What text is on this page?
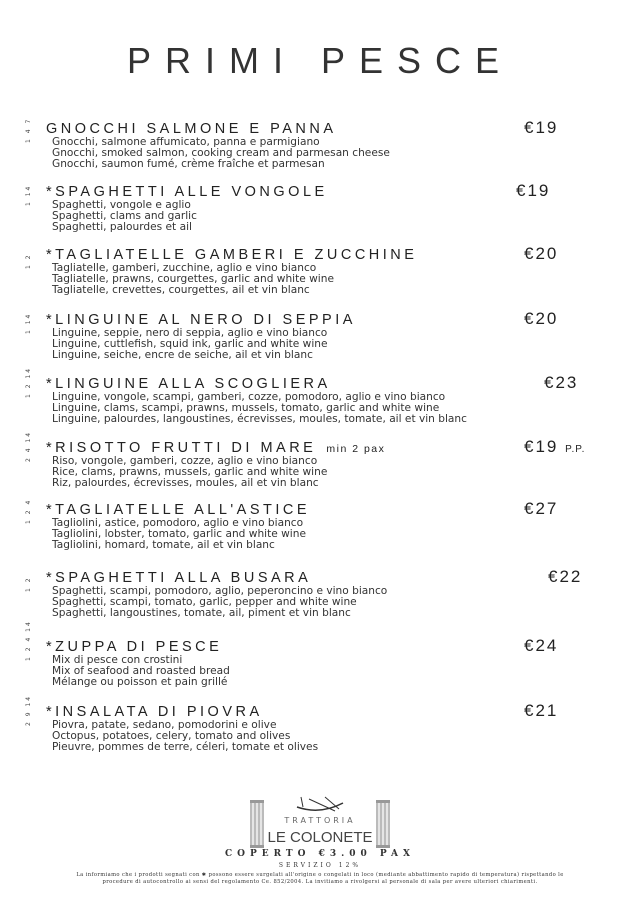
PRIMI PESCE
1 4 7 GNOCCHI SALMONE E PANNA
Gnocchi, salmone affumicato, panna e parmigiano
Gnocchi, smoked salmon, cooking cream and parmesan cheese
Gnocchi, saumon fumé, crème fraîche et parmesan
€19
1 14 *SPAGHETTI ALLE VONGOLE
Spaghetti, vongole e aglio
Spaghetti, clams and garlic
Spaghetti, palourdes et ail
€19
1 2 *TAGLIATELLE GAMBERI E ZUCCHINE
Tagliatelle, gamberi, zucchine, aglio e vino bianco
Tagliatelle, prawns, courgettes, garlic and white wine
Tagliatelle, crevettes, courgettes, ail et vin blanc
€20
1 14 *LINGUINE AL NERO DI SEPPIA
Linguine, seppie, nero di seppia, aglio e vino bianco
Linguine, cuttlefish, squid ink, garlic and white wine
Linguine, seiche, encre de seiche, ail et vin blanc
€20
1 2 14 *LINGUINE ALLA SCOGLIERA
Linguine, vongole, scampi, gamberi, cozze, pomodoro, aglio e vino bianco
Linguine, clams, scampi, prawns, mussels, tomato, garlic and white wine
Linguine, palourdes, langoustines, écrevisses, moules, tomate, ail et vin blanc
€23
2 4 14 *RISOTTO FRUTTI DI MARE min 2 pax
Riso, vongole, gamberi, cozze, aglio e vino bianco
Rice, clams, prawns, mussels, garlic and white wine
Riz, palourdes, écrevisses, moules, ail et vin blanc
€19 P.P.
1 2 4 *TAGLIATELLE ALL'ASTICE
Tagliolini, astice, pomodoro, aglio e vino bianco
Tagliolini, lobster, tomato, garlic and white wine
Tagliolini, homard, tomate, ail et vin blanc
€27
1 2 *SPAGHETTI ALLA BUSARA
Spaghetti, scampi, pomodoro, aglio, peperoncino e vino bianco
Spaghetti, scampi, tomato, garlic, pepper and white wine
Spaghetti, langoustines, tomate, ail, piment et vin blanc
€22
1 2 4 14 *ZUPPA DI PESCE
Mix di pesce con crostini
Mix of seafood and roasted bread
Mélange ou poisson et pain grillé
€24
2 9 14 *INSALATA DI PIOVRA
Piovra, patate, sedano, pomodorini e olive
Octopus, potatoes, celery, tomato and olives
Pieuvre, pommes de terre, céleri, tomate et olives
€21
TRATTORIA
LE COLONETE
COPERTO €3.00 PAX
SERVIZIO 12%
La informiamo che i prodotti segnati con ✱ possono essere surgelati all'origine o congelati in loco (mediante abbattimento rapido di temperatura) rispettando le procedure di autocontrollo ai sensi del regolamento Ce. 852/2004. La invitiamo a rivolgersi al personale di sala per avere ulteriori chiarimenti.
